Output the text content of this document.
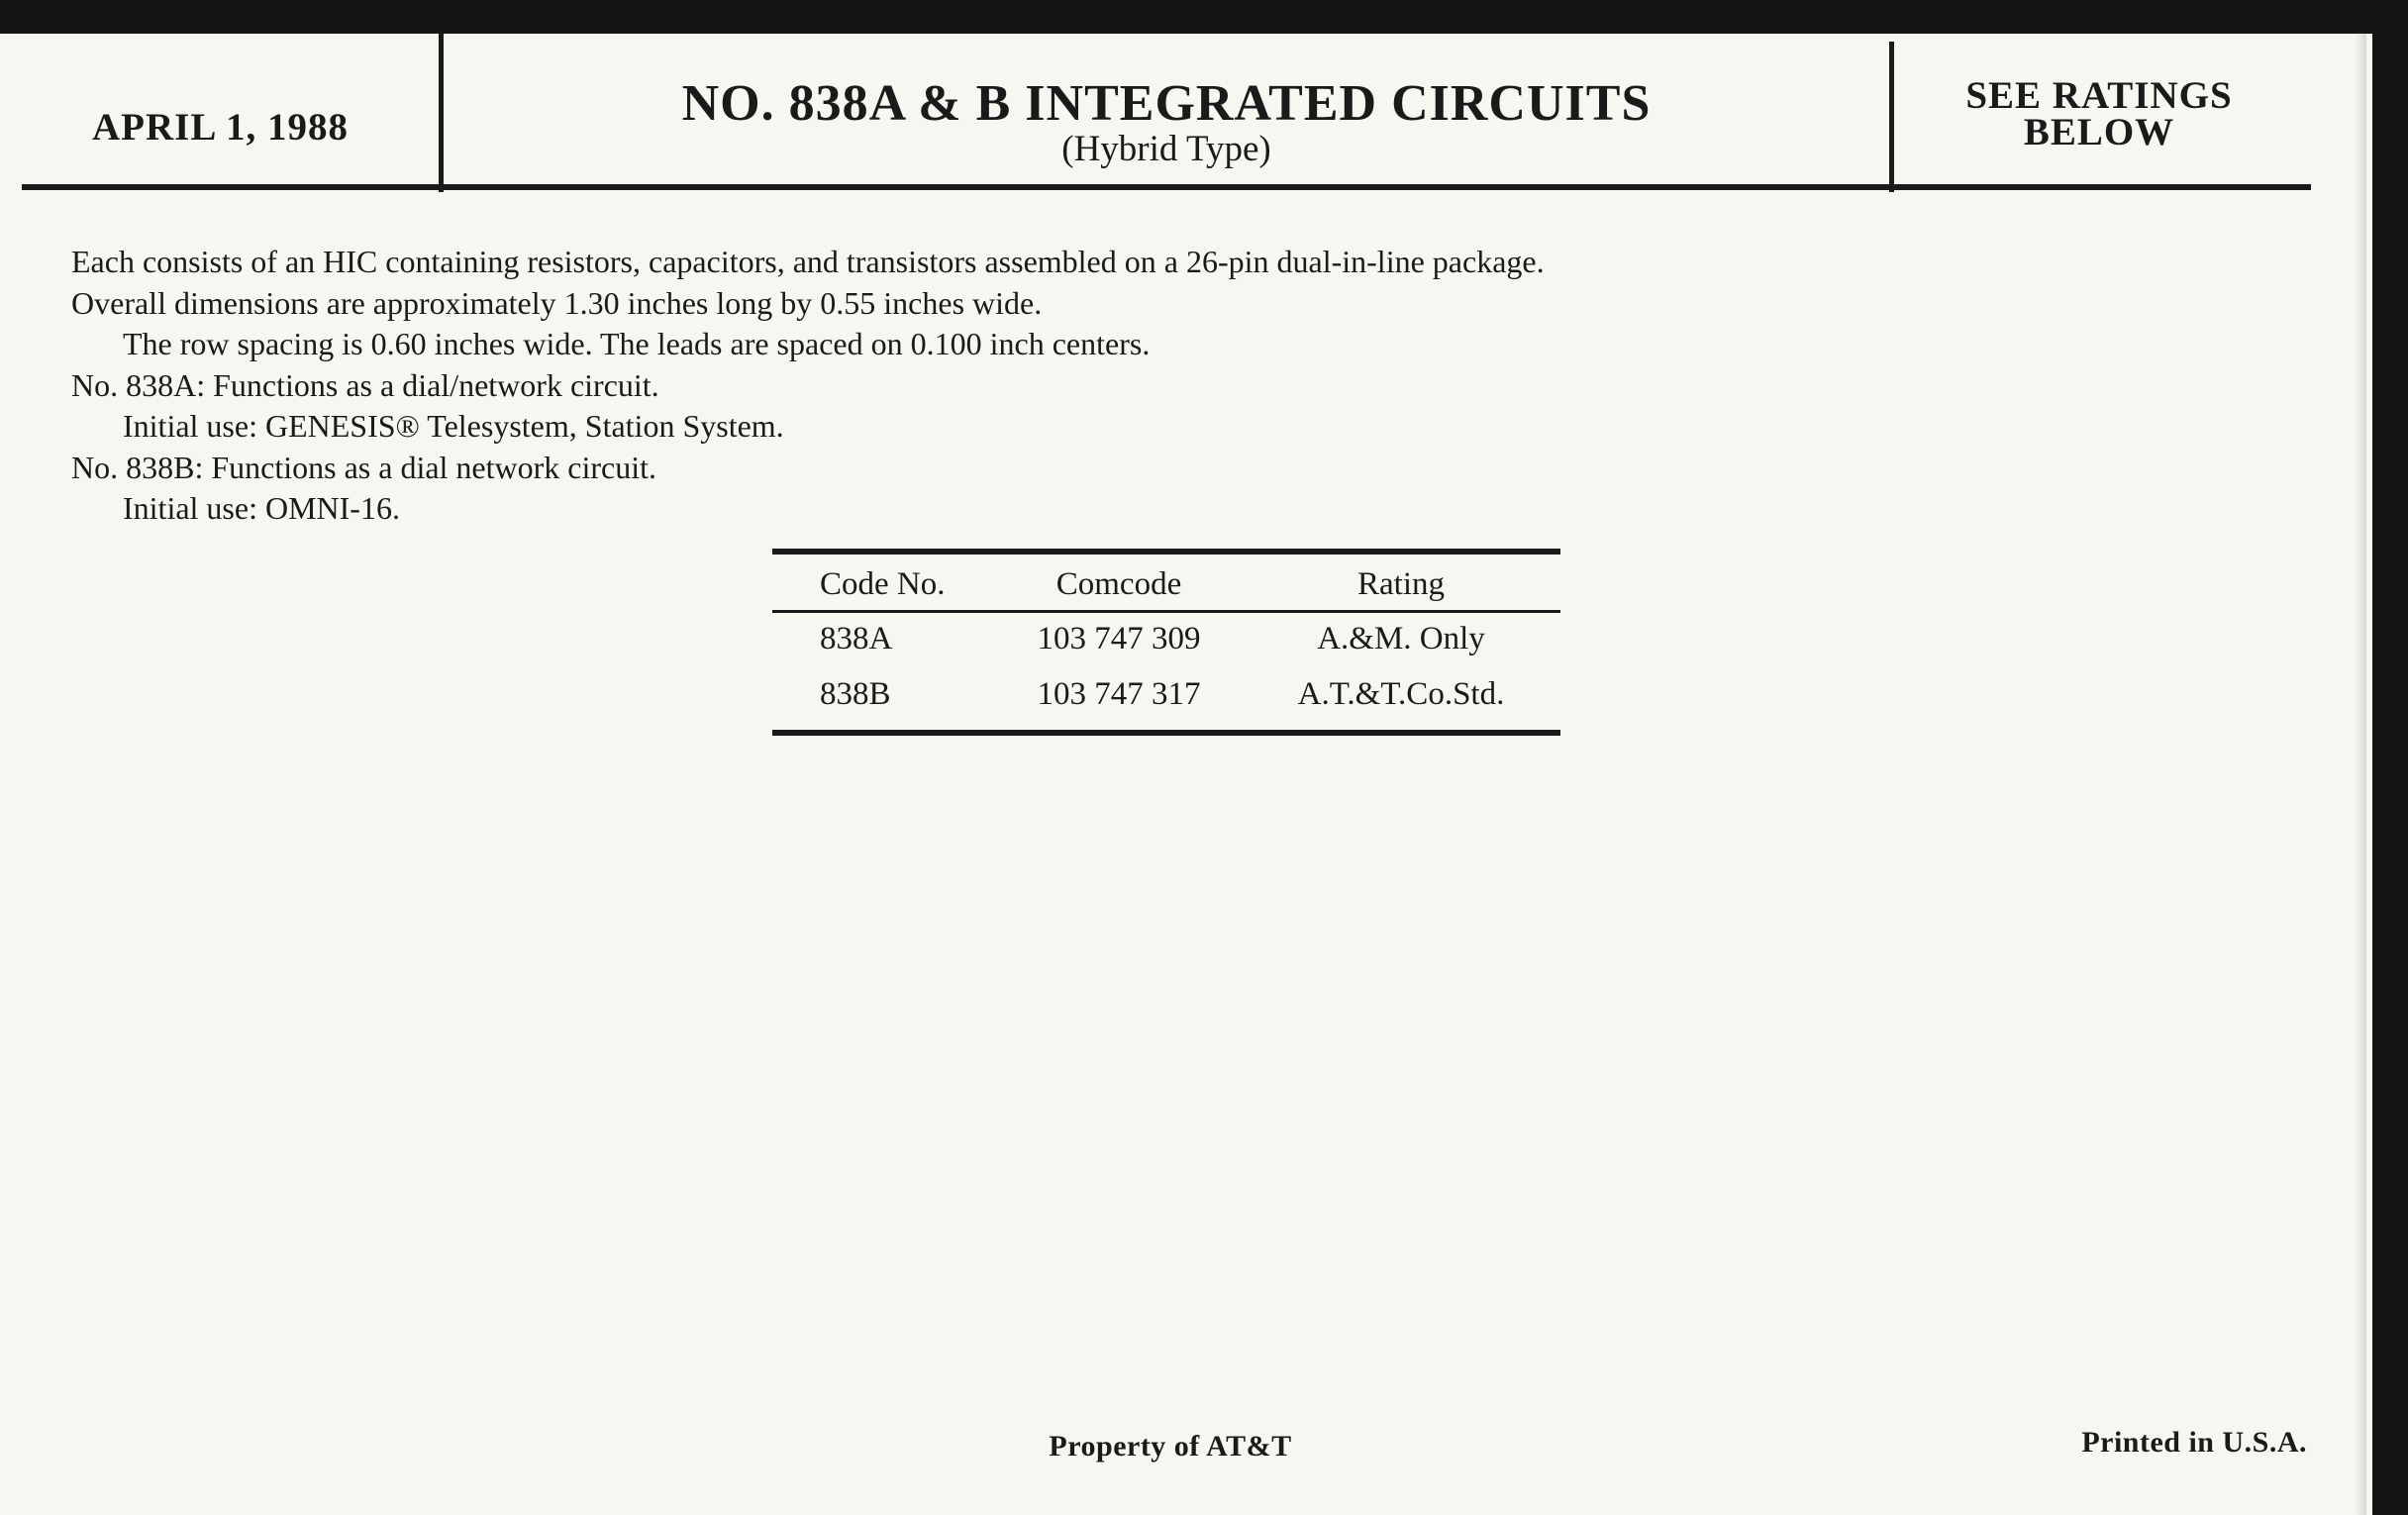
APRIL 1, 1988	NO. 838A & B INTEGRATED CIRCUITS
(Hybrid Type)
SEE RATINGS
BELOW
Each consists of an HIC containing resistors, capacitors, and transistors assembled on a 26-pin dual-in-line package.
Overall dimensions are approximately 1.30 inches long by 0.55 inches wide.
The row spacing is 0.60 inches wide. The leads are spaced on 0.100 inch centers.
No. 838A: Functions as a dial/network circuit.
Initial use: GENESIS® Telesystem, Station System.
No. 838B: Functions as a dial network circuit.
Initial use: OMNI-16.
Code No.	Comcode	Rating
838A	103 747 309	A.&M. Only
838B	103 747 317	A.T.&T.Co.Std.
Property of AT&T	Printed in U.S.A.
